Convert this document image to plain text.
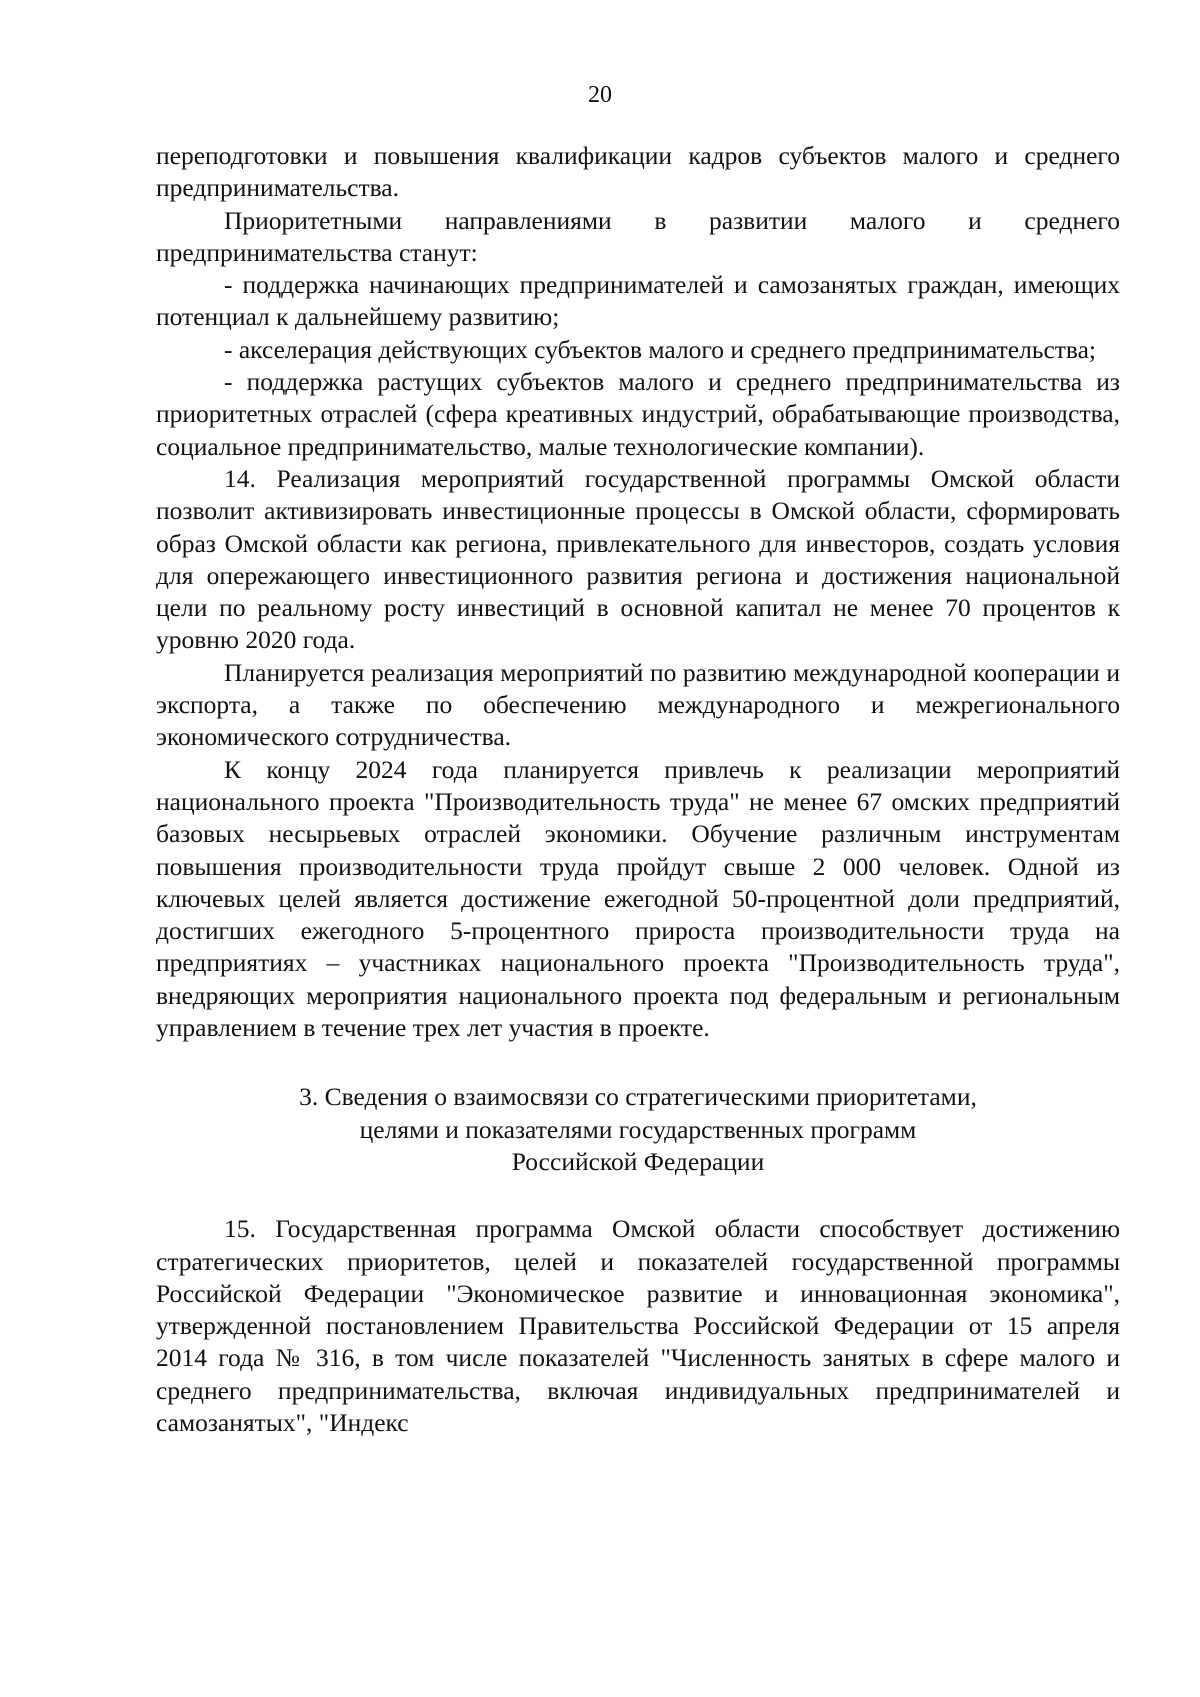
20

переподготовки и повышения квалификации кадров субъектов малого и среднего предпринимательства.

Приоритетными направлениями в развитии малого и среднего предпринимательства станут:

- поддержка начинающих предпринимателей и самозанятых граждан, имеющих потенциал к дальнейшему развитию;

- акселерация действующих субъектов малого и среднего предпринимательства;

- поддержка растущих субъектов малого и среднего предпринимательства из приоритетных отраслей (сфера креативных индустрий, обрабатывающие производства, социальное предпринимательство, малые технологические компании).

14. Реализация мероприятий государственной программы Омской области позволит активизировать инвестиционные процессы в Омской области, сформировать образ Омской области как региона, привлекательного для инвесторов, создать условия для опережающего инвестиционного развития региона и достижения национальной цели по реальному росту инвестиций в основной капитал не менее 70 процентов к уровню 2020 года.

Планируется реализация мероприятий по развитию международной кооперации и экспорта, а также по обеспечению международного и межрегионального экономического сотрудничества.

К концу 2024 года планируется привлечь к реализации мероприятий национального проекта "Производительность труда" не менее 67 омских предприятий базовых несырьевых отраслей экономики. Обучение различным инструментам повышения производительности труда пройдут свыше 2 000 человек. Одной из ключевых целей является достижение ежегодной 50-процентной доли предприятий, достигших ежегодного 5-процентного прироста производительности труда на предприятиях – участниках национального проекта "Производительность труда", внедряющих мероприятия национального проекта под федеральным и региональным управлением в течение трех лет участия в проекте.

3. Сведения о взаимосвязи со стратегическими приоритетами,
целями и показателями государственных программ
Российской Федерации

15. Государственная программа Омской области способствует достижению стратегических приоритетов, целей и показателей государственной программы Российской Федерации "Экономическое развитие и инновационная экономика", утвержденной постановлением Правительства Российской Федерации от 15 апреля 2014 года № 316, в том числе показателей "Численность занятых в сфере малого и среднего предпринимательства, включая индивидуальных предпринимателей и самозанятых", "Индекс
